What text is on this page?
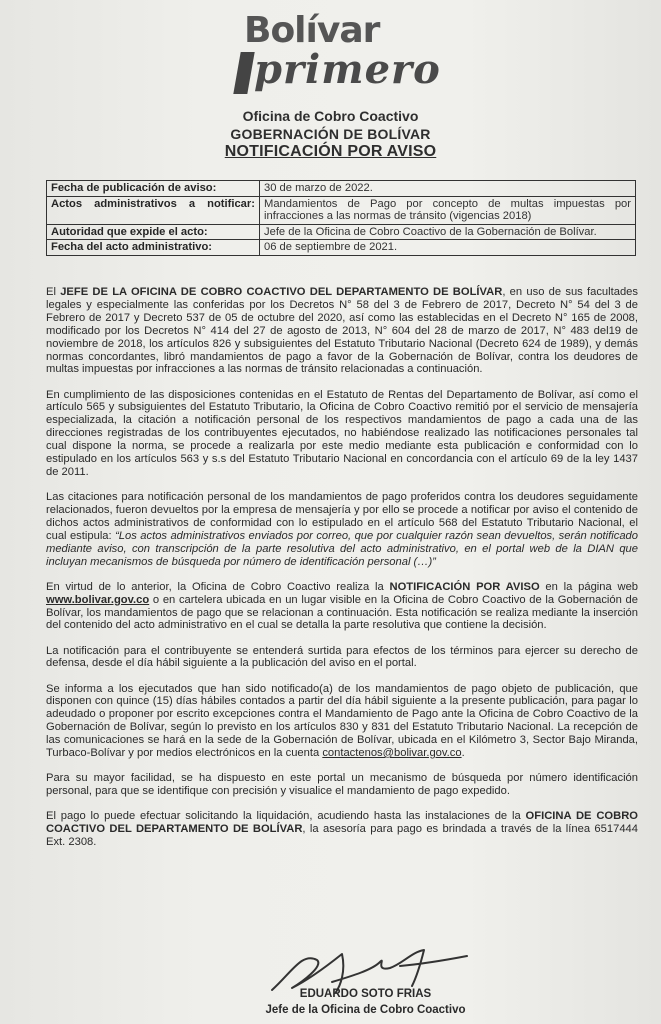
Bolívar
primero
Oficina de Cobro Coactivo
GOBERNACIÓN DE BOLÍVAR
NOTIFICACIÓN POR AVISO
Fecha de publicación de aviso:	30 de marzo de 2022.
Actos administrativos a notificar:	Mandamientos de Pago por concepto de multas impuestas por infracciones a las normas de tránsito (vigencias 2018)
Autoridad que expide el acto:	Jefe de la Oficina de Cobro Coactivo de la Gobernación de Bolívar.
Fecha del acto administrativo:	06 de septiembre de 2021.

El JEFE DE LA OFICINA DE COBRO COACTIVO DEL DEPARTAMENTO DE BOLÍVAR, en uso de sus facultades legales y especialmente las conferidas por los Decretos N° 58 del 3 de Febrero de 2017, Decreto N° 54 del 3 de Febrero de 2017 y Decreto 537 de 05 de octubre del 2020, así como las establecidas en el Decreto N° 165 de 2008, modificado por los Decretos N° 414 del 27 de agosto de 2013, N° 604 del 28 de marzo de 2017, N° 483 del19 de noviembre de 2018, los artículos 826 y subsiguientes del Estatuto Tributario Nacional (Decreto 624 de 1989), y demás normas concordantes, libró mandamientos de pago a favor de la Gobernación de Bolívar, contra los deudores de multas impuestas por infracciones a las normas de tránsito relacionadas a continuación.

En cumplimiento de las disposiciones contenidas en el Estatuto de Rentas del Departamento de Bolívar, así como el artículo 565 y subsiguientes del Estatuto Tributario, la Oficina de Cobro Coactivo remitió por el servicio de mensajería especializada, la citación a notificación personal de los respectivos mandamientos de pago a cada una de las direcciones registradas de los contribuyentes ejecutados, no habiéndose realizado las notificaciones personales tal cual dispone la norma, se procede a realizarla por este medio mediante esta publicación e conformidad con lo estipulado en los artículos 563 y s.s del Estatuto Tributario Nacional en concordancia con el artículo 69 de la ley 1437 de 2011.

Las citaciones para notificación personal de los mandamientos de pago proferidos contra los deudores seguidamente relacionados, fueron devueltos por la empresa de mensajería y por ello se procede a notificar por aviso el contenido de dichos actos administrativos de conformidad con lo estipulado en el artículo 568 del Estatuto Tributario Nacional, el cual estipula: “Los actos administrativos enviados por correo, que por cualquier razón sean devueltos, serán notificado mediante aviso, con transcripción de la parte resolutiva del acto administrativo, en el portal web de la DIAN que incluyan mecanismos de búsqueda por número de identificación personal (…)”

En virtud de lo anterior, la Oficina de Cobro Coactivo realiza la NOTIFICACIÓN POR AVISO en la página web www.bolivar.gov.co o en cartelera ubicada en un lugar visible en la Oficina de Cobro Coactivo de la Gobernación de Bolívar, los mandamientos de pago que se relacionan a continuación. Esta notificación se realiza mediante la inserción del contenido del acto administrativo en el cual se detalla la parte resolutiva que contiene la decisión.

La notificación para el contribuyente se entenderá surtida para efectos de los términos para ejercer su derecho de defensa, desde el día hábil siguiente a la publicación del aviso en el portal.

Se informa a los ejecutados que han sido notificado(a) de los mandamientos de pago objeto de publicación, que disponen con quince (15) días hábiles contados a partir del día hábil siguiente a la presente publicación, para pagar lo adeudado o proponer por escrito excepciones contra el Mandamiento de Pago ante la Oficina de Cobro Coactivo de la Gobernación de Bolívar, según lo previsto en los artículos 830 y 831 del Estatuto Tributario Nacional. La recepción de las comunicaciones se hará en la sede de la Gobernación de Bolívar, ubicada en el Kilómetro 3, Sector Bajo Miranda, Turbaco-Bolívar y por medios electrónicos en la cuenta contactenos@bolivar.gov.co.

Para su mayor facilidad, se ha dispuesto en este portal un mecanismo de búsqueda por número identificación personal, para que se identifique con precisión y visualice el mandamiento de pago expedido.

El pago lo puede efectuar solicitando la liquidación, acudiendo hasta las instalaciones de la OFICINA DE COBRO COACTIVO DEL DEPARTAMENTO DE BOLÍVAR, la asesoría para pago es brindada a través de la línea 6517444 Ext. 2308.

EDUARDO SOTO FRIAS
Jefe de la Oficina de Cobro Coactivo
